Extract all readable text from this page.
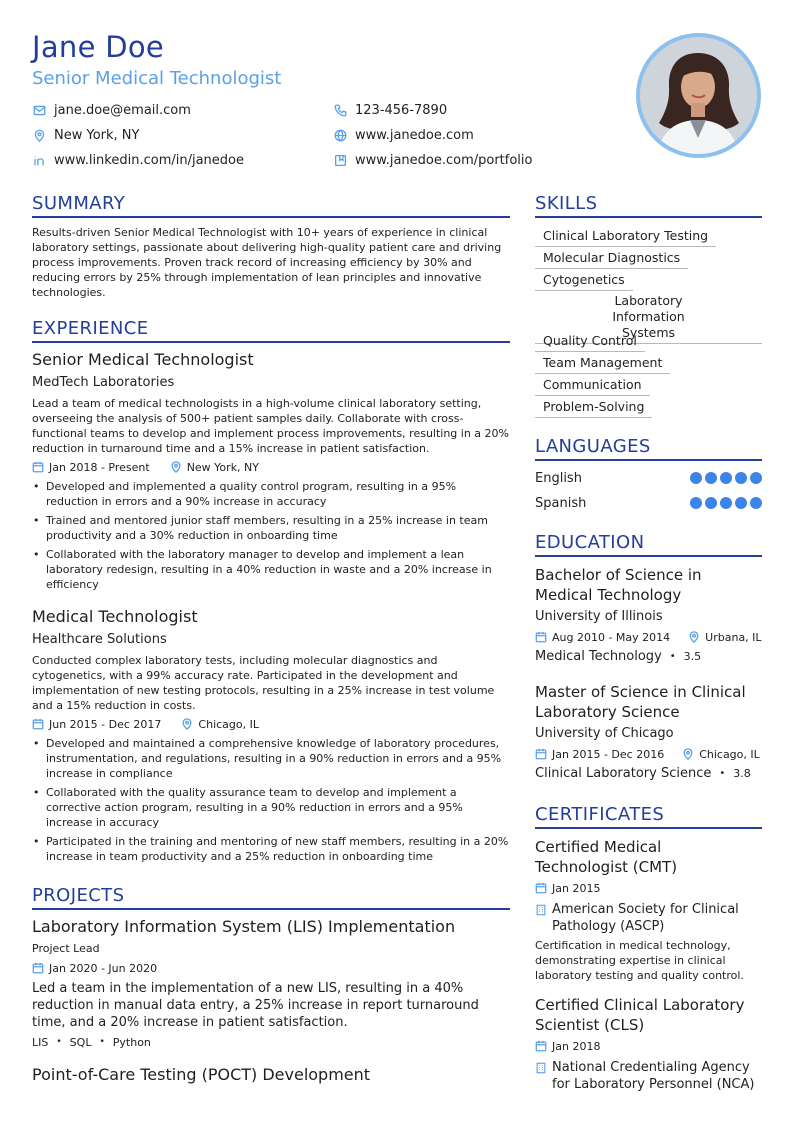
Jane Doe
Senior Medical Technologist
jane.doe@email.com	123-456-7890
New York, NY	www.janedoe.com
www.linkedin.com/in/janedoe	www.janedoe.com/portfolio
SUMMARY
Results-driven Senior Medical Technologist with 10+ years of experience in clinical laboratory settings, passionate about delivering high-quality patient care and driving process improvements. Proven track record of increasing efficiency by 30% and reducing errors by 25% through implementation of lean principles and innovative technologies.
EXPERIENCE
Senior Medical Technologist
MedTech Laboratories
Lead a team of medical technologists in a high-volume clinical laboratory setting, overseeing the analysis of 500+ patient samples daily. Collaborate with cross-functional teams to develop and implement process improvements, resulting in a 20% reduction in turnaround time and a 15% increase in patient satisfaction.
Jan 2018 - Present	New York, NY
• Developed and implemented a quality control program, resulting in a 95% reduction in errors and a 90% increase in accuracy
• Trained and mentored junior staff members, resulting in a 25% increase in team productivity and a 30% reduction in onboarding time
• Collaborated with the laboratory manager to develop and implement a lean laboratory redesign, resulting in a 40% reduction in waste and a 20% increase in efficiency
Medical Technologist
Healthcare Solutions
Conducted complex laboratory tests, including molecular diagnostics and cytogenetics, with a 99% accuracy rate. Participated in the development and implementation of new testing protocols, resulting in a 25% increase in test volume and a 15% reduction in costs.
Jun 2015 - Dec 2017	Chicago, IL
• Developed and maintained a comprehensive knowledge of laboratory procedures, instrumentation, and regulations, resulting in a 90% reduction in errors and a 95% increase in compliance
• Collaborated with the quality assurance team to develop and implement a corrective action program, resulting in a 90% reduction in errors and a 95% increase in accuracy
• Participated in the training and mentoring of new staff members, resulting in a 20% increase in team productivity and a 25% reduction in onboarding time
PROJECTS
Laboratory Information System (LIS) Implementation
Project Lead
Jan 2020 - Jun 2020
Led a team in the implementation of a new LIS, resulting in a 40% reduction in manual data entry, a 25% increase in report turnaround time, and a 20% increase in patient satisfaction.
LIS • SQL • Python
Point-of-Care Testing (POCT) Development
SKILLS
Clinical Laboratory Testing
Molecular Diagnostics
Cytogenetics
Laboratory Information Systems
Quality Control
Team Management
Communication
Problem-Solving
LANGUAGES
English
Spanish
EDUCATION
Bachelor of Science in Medical Technology
University of Illinois
Aug 2010 - May 2014	Urbana, IL
Medical Technology • 3.5
Master of Science in Clinical Laboratory Science
University of Chicago
Jan 2015 - Dec 2016	Chicago, IL
Clinical Laboratory Science • 3.8
CERTIFICATES
Certified Medical Technologist (CMT)
Jan 2015
American Society for Clinical Pathology (ASCP)
Certification in medical technology, demonstrating expertise in clinical laboratory testing and quality control.
Certified Clinical Laboratory Scientist (CLS)
Jan 2018
National Credentialing Agency for Laboratory Personnel (NCA)
